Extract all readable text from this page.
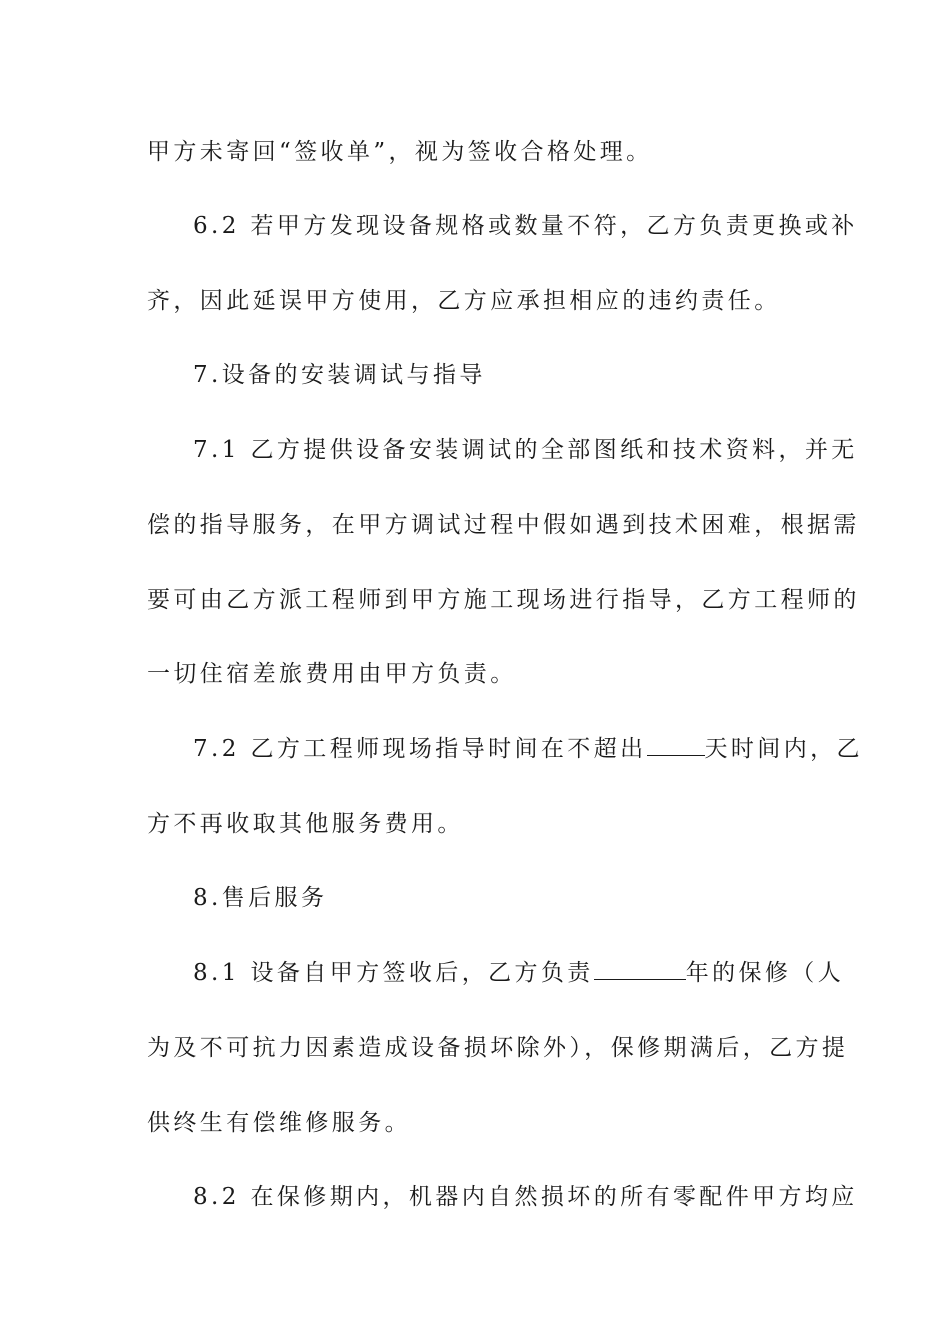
甲方未寄回“签收单”，视为签收合格处理。
6.2 若甲方发现设备规格或数量不符，乙方负责更换或补
齐，因此延误甲方使用，乙方应承担相应的违约责任。
7.设备的安装调试与指导
7.1 乙方提供设备安装调试的全部图纸和技术资料，并无
偿的指导服务，在甲方调试过程中假如遇到技术困难，根据需
要可由乙方派工程师到甲方施工现场进行指导，乙方工程师的
一切住宿差旅费用由甲方负责。
7.2 乙方工程师现场指导时间在不超出	天时间内，乙
方不再收取其他服务费用。
8.售后服务
8.1 设备自甲方签收后，乙方负责	年的保修（人
为及不可抗力因素造成设备损坏除外），保修期满后，乙方提
供终生有偿维修服务。
8.2 在保修期内，机器内自然损坏的所有零配件甲方均应
